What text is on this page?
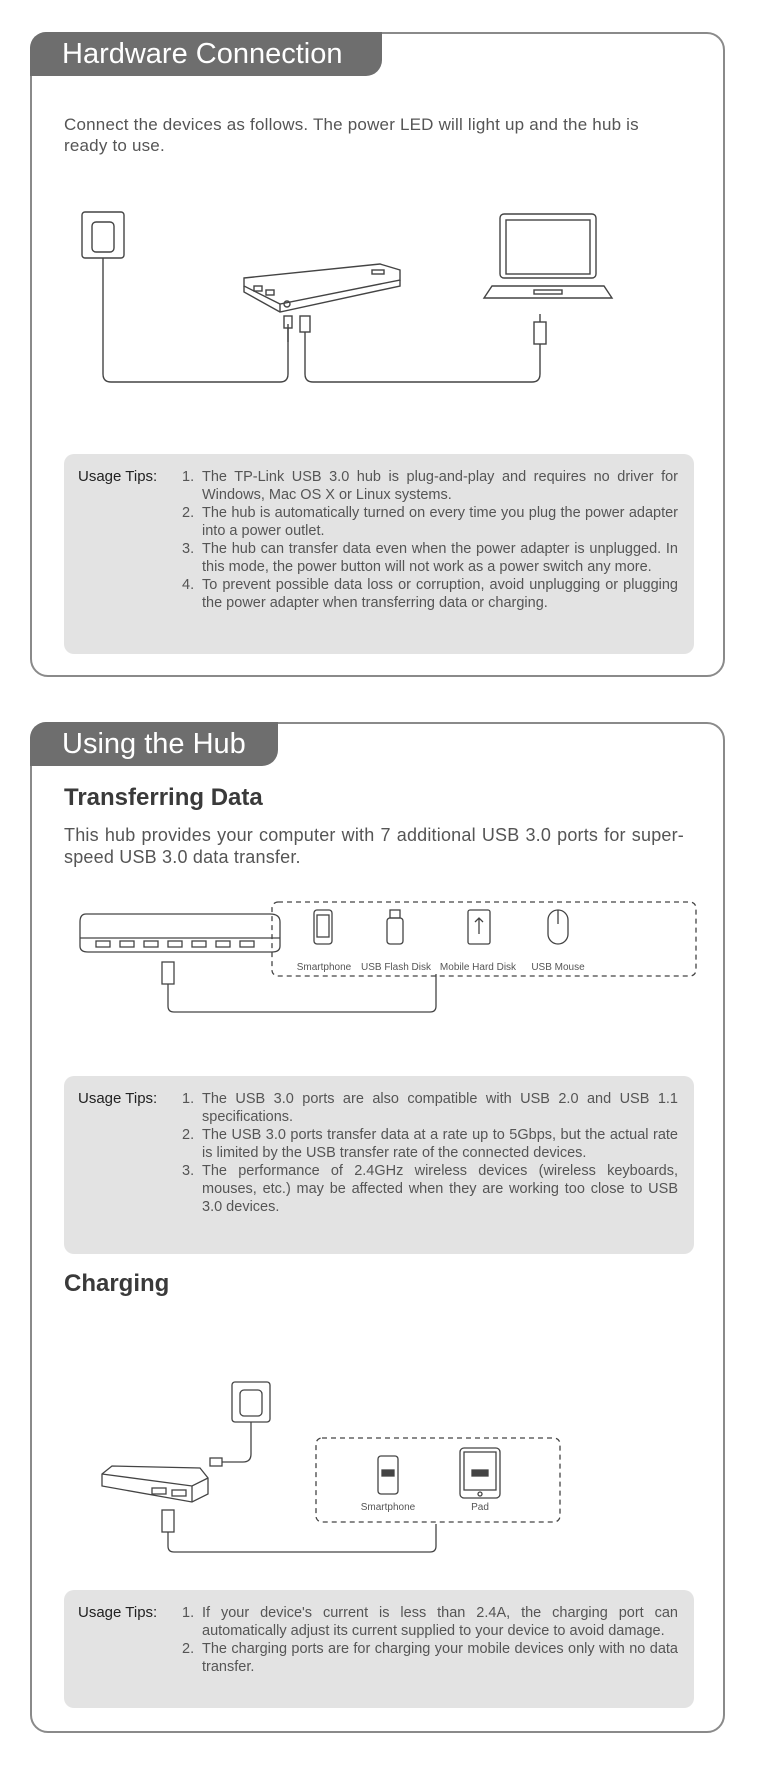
Hardware Connection

Connect the devices as follows. The power LED will light up and the hub is ready to use.

Usage Tips: 1. The TP-Link USB 3.0 hub is plug-and-play and requires no driver for Windows, Mac OS X or Linux systems.
2. The hub is automatically turned on every time you plug the power adapter into a power outlet.
3. The hub can transfer data even when the power adapter is unplugged. In this mode, the power button will not work as a power switch any more.
4. To prevent possible data loss or corruption, avoid unplugging or plugging the power adapter when transferring data or charging.
Using the Hub
Transferring Data

This hub provides your computer with 7 additional USB 3.0 ports for super-speed USB 3.0 data transfer.

Smartphone USB Flash Disk Mobile Hard Disk	USB Mouse
Usage Tips: 1. The USB 3.0 ports are also compatible with USB 2.0 and USB 1.1 specifications.
2. The USB 3.0 ports transfer data at a rate up to 5Gbps, but the actual rate is limited by the USB transfer rate of the connected devices.
3. The performance of 2.4GHz wireless devices (wireless keyboards, mouses, etc.) may be affected when they are working too close to USB 3.0 devices.
Charging
Smartphone	Pad
Usage Tips: 1. If your device's current is less than 2.4A, the charging port can automatically adjust its current supplied to your device to avoid damage.
2. The charging ports are for charging your mobile devices only with no data transfer.
